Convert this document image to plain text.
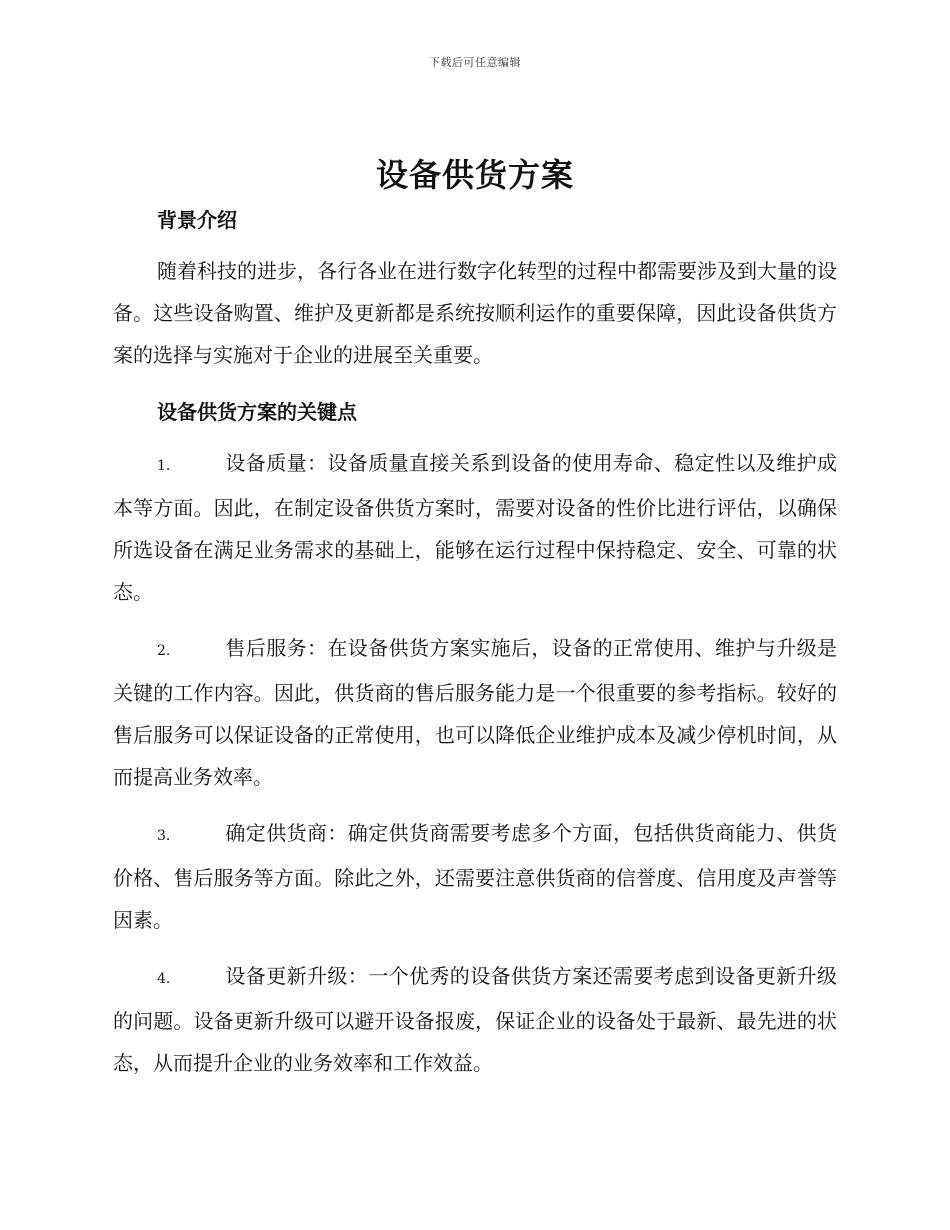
下载后可任意编辑
设备供货方案
背景介绍

随着科技的进步，各行各业在进行数字化转型的过程中都需要涉及到大量的设备。这些设备购置、维护及更新都是系统按顺利运作的重要保障，因此设备供货方案的选择与实施对于企业的进展至关重要。

设备供货方案的关键点
1.	设备质量：设备质量直接关系到设备的使用寿命、稳定性以及维护成本等方面。因此，在制定设备供货方案时，需要对设备的性价比进行评估，以确保所选设备在满足业务需求的基础上，能够在运行过程中保持稳定、安全、可靠的状态。
2.	售后服务：在设备供货方案实施后，设备的正常使用、维护与升级是关键的工作内容。因此，供货商的售后服务能力是一个很重要的参考指标。较好的售后服务可以保证设备的正常使用，也可以降低企业维护成本及减少停机时间，从而提高业务效率。
3.	确定供货商：确定供货商需要考虑多个方面，包括供货商能力、供货价格、售后服务等方面。除此之外，还需要注意供货商的信誉度、信用度及声誉等因素。
4.	设备更新升级：一个优秀的设备供货方案还需要考虑到设备更新升级的问题。设备更新升级可以避开设备报废，保证企业的设备处于最新、最先进的状态，从而提升企业的业务效率和工作效益。
